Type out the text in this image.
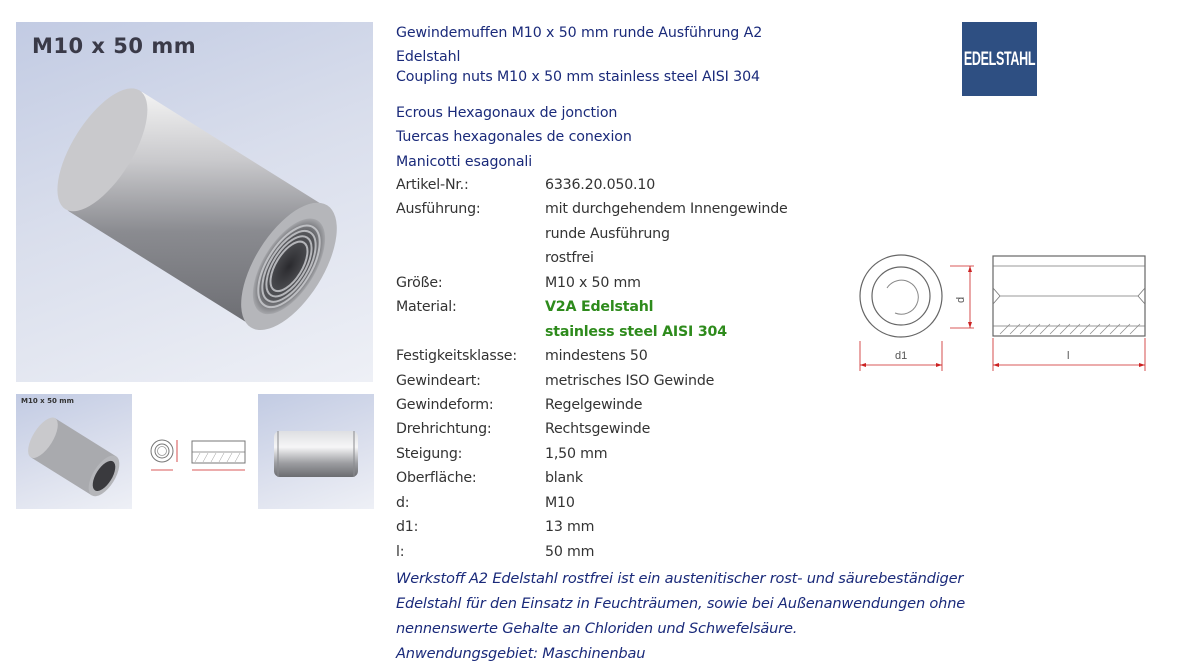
M10 x 50 mm
M10 x 50 mm
Gewindemuffen M10 x 50 mm runde Ausführung A2
Edelstahl
Coupling nuts M10 x 50 mm stainless steel AISI 304
Ecrous Hexagonaux de jonction
Tuercas hexagonales de conexion
Manicotti esagonali
Artikel-Nr.:	6336.20.050.10
Ausführung:	mit durchgehendem Innengewinde
runde Ausführung
rostfrei
Größe:	M10 x 50 mm
Material:	V2A Edelstahl
stainless steel AISI 304
Festigkeitsklasse: mindestens 50
Gewindeart:	metrisches ISO Gewinde
Gewindeform:	Regelgewinde
Drehrichtung:	Rechtsgewinde
Steigung:	1,50 mm
Oberfläche:	blank
d:	M10
d1:	13 mm
l:	50 mm
Werkstoff A2 Edelstahl rostfrei ist ein austenitischer rost- und säurebeständiger
Edelstahl für den Einsatz in Feuchträumen, sowie bei Außenanwendungen ohne
nennenswerte Gehalte an Chloriden und Schwefelsäure.
Anwendungsgebiet: Maschinenbau
EDELSTAHL
d1
d
l
